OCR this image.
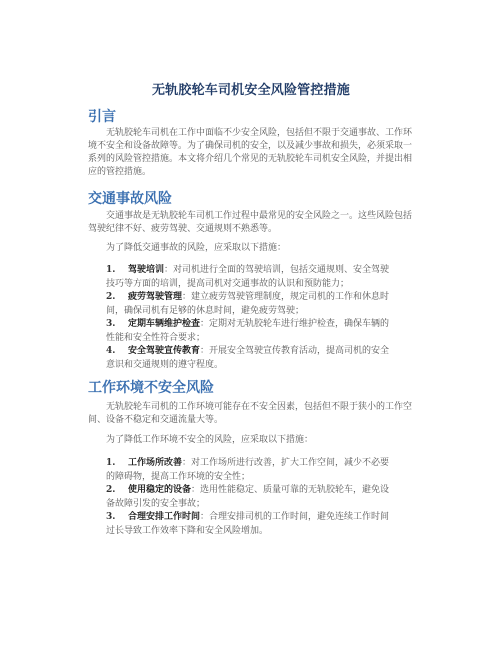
无轨胶轮车司机安全风险管控措施
引言

无轨胶轮车司机在工作中面临不少安全风险，包括但不限于交通事故、工作环境不安全和设备故障等。为了确保司机的安全，以及减少事故和损失，必须采取一系列的风险管控措施。本文将介绍几个常见的无轨胶轮车司机安全风险，并提出相应的管控措施。

交通事故风险

交通事故是无轨胶轮车司机工作过程中最常见的安全风险之一。这些风险包括驾驶纪律不好、疲劳驾驶、交通规则不熟悉等。

为了降低交通事故的风险，应采取以下措施：

1. 驾驶培训：对司机进行全面的驾驶培训，包括交通规则、安全驾驶
技巧等方面的培训，提高司机对交通事故的认识和预防能力；
2. 疲劳驾驶管理：建立疲劳驾驶管理制度，规定司机的工作和休息时
间，确保司机有足够的休息时间，避免疲劳驾驶；
3. 定期车辆维护检查：定期对无轨胶轮车进行维护检查，确保车辆的
性能和安全性符合要求；
4. 安全驾驶宣传教育：开展安全驾驶宣传教育活动，提高司机的安全
意识和交通规则的遵守程度。
工作环境不安全风险

无轨胶轮车司机的工作环境可能存在不安全因素，包括但不限于狭小的工作空间、设备不稳定和交通流量大等。

为了降低工作环境不安全的风险，应采取以下措施：

1. 工作场所改善：对工作场所进行改善，扩大工作空间，减少不必要
的障碍物，提高工作环境的安全性；
2. 使用稳定的设备：选用性能稳定、质量可靠的无轨胶轮车，避免设
备故障引发的安全事故；
3. 合理安排工作时间：合理安排司机的工作时间，避免连续工作时间
过长导致工作效率下降和安全风险增加。
